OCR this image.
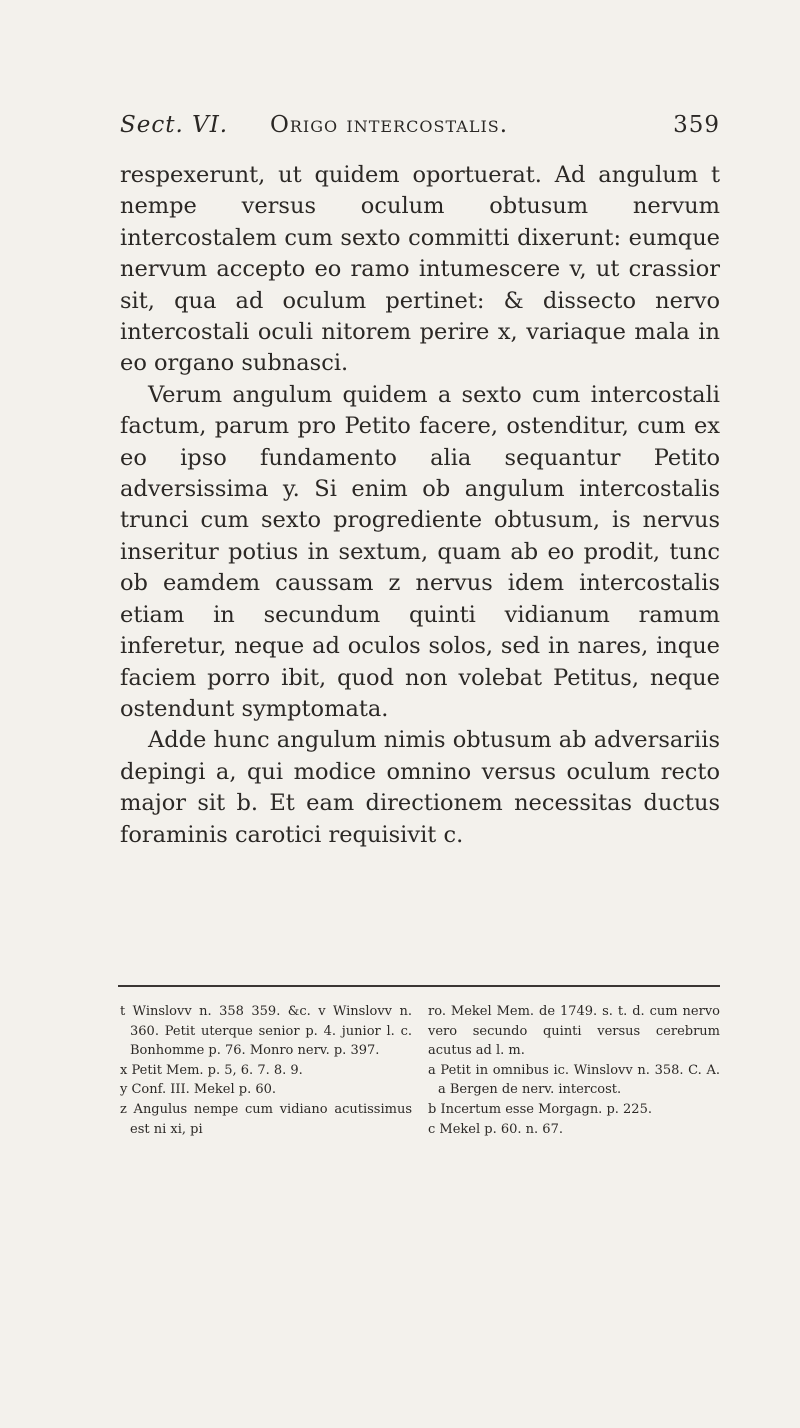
Sect. VI. Origo intercostalis.	359

respexerunt, ut quidem oportuerat. Ad angulum t nempe versus oculum obtusum nervum intercostalem cum sexto committi dixerunt: eumque nervum accepto eo ramo intumescere v, ut crassior sit, qua ad oculum pertinet: & dissecto nervo intercostali oculi nitorem perire x, variaque mala in eo organo subnasci.

Verum angulum quidem a sexto cum intercostali factum, parum pro Petito facere, ostenditur, cum ex eo ipso fundamento alia sequantur Petito adversissima y. Si enim ob angulum intercostalis trunci cum sexto progrediente obtusum, is nervus inseritur potius in sextum, quam ab eo prodit, tunc ob eamdem caussam z nervus idem intercostalis etiam in secundum quinti vidianum ramum inferetur, neque ad oculos solos, sed in nares, inque faciem porro ibit, quod non volebat Petitus, neque ostendunt symptomata.

Adde hunc angulum nimis obtusum ab adversariis depingi a, qui modice omnino versus oculum recto major sit b. Et eam directionem necessitas ductus foraminis carotici requisivit c.

t Winslovv n. 358 359. &c. v Winslovv n. 360. Petit uterque senior p. 4. junior l. c. Bonhomme p. 76. Monro nerv. p. 397.

x Petit Mem. p. 5, 6. 7. 8. 9.

y Conf. III. Mekel p. 60.

z Angulus nempe cum vidiano acutissimus est ni xi, pi

ro. Mekel Mem. de 1749. s. t. d. cum nervo vero secundo quinti versus cerebrum acutus ad l. m.

a Petit in omnibus ic. Winslovv n. 358. C. A. a Bergen de nerv. intercost.

b Incertum esse Morgagn. p. 225.

c Mekel p. 60. n. 67.
